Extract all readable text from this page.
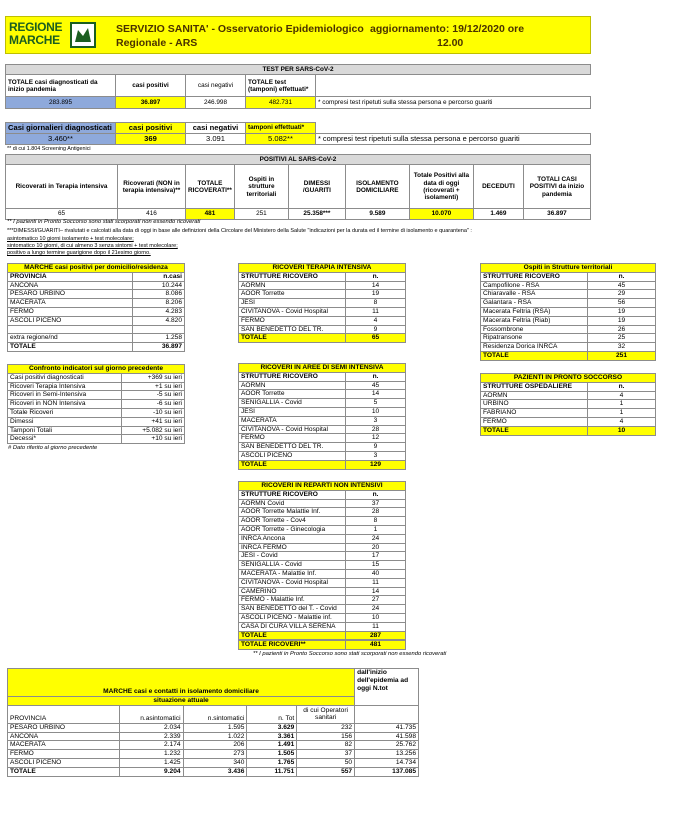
REGIONE
MARCHE
SERVIZIO SANITA' - Osservatorio Epidemiologico
Regionale - ARS
aggiornamento: 19/12/2020 ore
12.00
TEST PER SARS-CoV-2				
TOTALE casi diagnosticati da inizio pandemia	casi positivi	casi negativi	TOTALE test (tamponi) effettuati*	
283.895	36.897	246.998	482.731	* compresi test ripetuti sulla stessa persona e percorso guariti
Casi giornalieri diagnosticati	casi positivi	casi negativi	tamponi effettuati*	
3.460**	369	3.091	5.082**	* compresi test ripetuti sulla stessa persona e percorso guariti
** di cui 1.804 Screening Antigenici
POSITIVI AL SARS-CoV-2								
Ricoverati in Terapia intensiva	Ricoverati (NON in terapia intensiva)**	TOTALE RICOVERATI**	Ospiti in strutture territoriali	DIMESSI /GUARITI	ISOLAMENTO DOMICILIARE	Totale Positivi alla data di oggi (ricoverati + isolamenti)	DECEDUTI	TOTALI CASI POSITIVI da inizio pandemia
65	416	481	251	25.358***	9.589	10.070	1.469	36.897
** I pazienti in Pronto Soccorso sono stati scorporati non essendo ricoverati
***DIMESSI/GUARITI– rivalutati e calcolati alla data di oggi in base alle definizioni della Circolare del Ministero della Salute "indicazioni per la durata ed il termine di isolamento e quarantena" :
asintomatico 10 giorni isolamento + test molecolare;
sintomatico 10 giorni, di cui almeno 3 senza sintomi + test molecolare;
positivo a lungo termine guarigione dopo il 21esimo giorno.
MARCHE casi positivi per domicilio/residenza	
PROVINCIA	n.casi
ANCONA	10.244
PESARO URBINO	8.086
MACERATA	8.206
FERMO	4.283
ASCOLI PICENO	4.820

extra regione/nd	1.258
TOTALE	36.897
Confronto indicatori sul giorno precedente	
Casi positivi diagnosticati	+369 su ieri
Ricoveri Terapia Intensiva	+1 su ieri
Ricoveri in Semi-Intensiva	-5 su ieri
Ricoveri in NON Intensiva	-6 su ieri
Totale Ricoveri	-10 su ieri
Dimessi	+41 su ieri
Tamponi Totali	+5.082 su ieri
Decessi*	+10 su ieri
# Dato riferito al giorno precedente
RICOVERI TERAPIA INTENSIVA	
STRUTTURE RICOVERO	n.
AORMN	14
AOOR Torrette	19
JESI	8
CIVITANOVA - Covid Hospital	11
FERMO	4
SAN BENEDETTO DEL TR.	9
TOTALE	65
RICOVERI IN AREE DI SEMI INTENSIVA	
STRUTTURE RICOVERO	n.
AORMN	45
AOOR Torrette	14
SENIGALLIA - Covid	5
JESI	10
MACERATA	3
CIVITANOVA - Covid Hospital	28
FERMO	12
SAN BENEDETTO DEL TR.	9
ASCOLI PICENO	3
TOTALE	129
RICOVERI IN REPARTI NON INTENSIVI	
STRUTTURE RICOVERO	n.
AORMN Covid	37
AOOR Torrette Malattie Inf.	28
AOOR Torrette - Cov4	8
AOOR Torrette - Ginecologia	1
INRCA Ancona	24
INRCA FERMO	20
JESI - Covid	17
SENIGALLIA - Covid	15
MACERATA - Malattie Inf.	40
CIVITANOVA - Covid Hospital	11
CAMERINO	14
FERMO - Malattie Inf.	27
SAN BENEDETTO del T. - Covid	24
ASCOLI PICENO - Malattie inf.	10
CASA DI CURA VILLA SERENA	11
TOTALE	287
TOTALE RICOVERI**	481
** I pazienti in Pronto Soccorso sono stati scorporati non essendo ricoverati
Ospiti in Strutture territoriali	
STRUTTURE RICOVERO	n.
Campofilone - RSA	45
Chiaravalle - RSA	29
Galantara - RSA	56
Macerata Feltria (RSA)	19
Macerata Feltria (Riab)	19
Fossombrone	26
Ripatransone	25
Residenza Dorica INRCA	32
TOTALE	251
PAZIENTI IN PRONTO SOCCORSO	
STRUTTURE OSPEDALIERE	n.
AORMN	4
URBINO	1
FABRIANO	1
FERMO	4
TOTALE	10
MARCHE casi e contatti in isolamento domiciliare					dall'inizio dell'epidemia ad oggi N.tot
situazione attuale					
PROVINCIA	n.asintomatici	n.sintomatici	n. Tot	di cui Operatori sanitari	
PESARO URBINO	2.034	1.595	3.629	232	41.735
ANCONA	2.339	1.022	3.361	156	41.598
MACERATA	2.174	206	1.491	82	25.762
FERMO	1.232	273	1.505	37	13.256
ASCOLI PICENO	1.425	340	1.765	50	14.734
TOTALE	9.204	3.436	11.751	557	137.085
